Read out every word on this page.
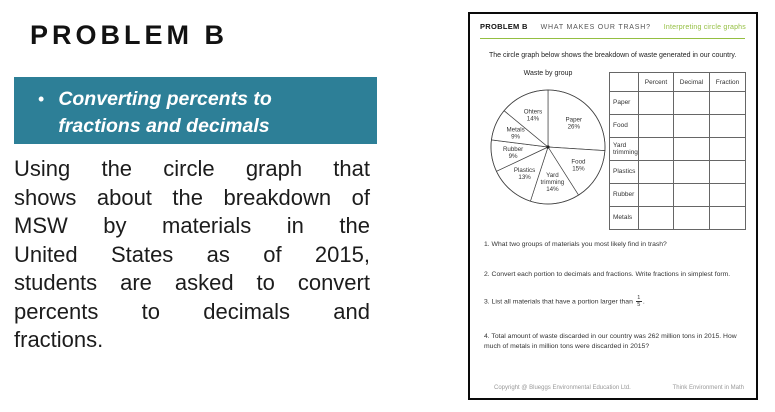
PROBLEM B
• Converting percents to fractions and decimals
Using the circle graph that
shows about the breakdown of
MSW by materials in the
United States as of 2015,
students are asked to convert
percents to decimals and
fractions.
PROBLEM B WHAT MAKES OUR TRASH? Interpreting circle graphs
The circle graph below shows the breakdown of waste generated in our country.
Waste by group
Paper 26%
Food 15%
Yard trimming 14%
Plastics 13%
Rubber 9%
Metals 9%
Ohters 14%
	Percent	Decimal	Fraction
Paper			
Food			
Yard trimming			
Plastics			
Rubber			
Metals			
1. What two groups of materials you most likely find in trash?
2. Convert each portion to decimals and fractions. Write fractions in simplest form.
3. List all materials that have a portion larger than $\frac{1}{5}$ .
4. Total amount of waste discarded in our country was 262 million tons in 2015. How much of metals in million tons were discarded in 2015?
Copyright @ Blueggs Environmental Education Ltd.	Think Environment in Math
